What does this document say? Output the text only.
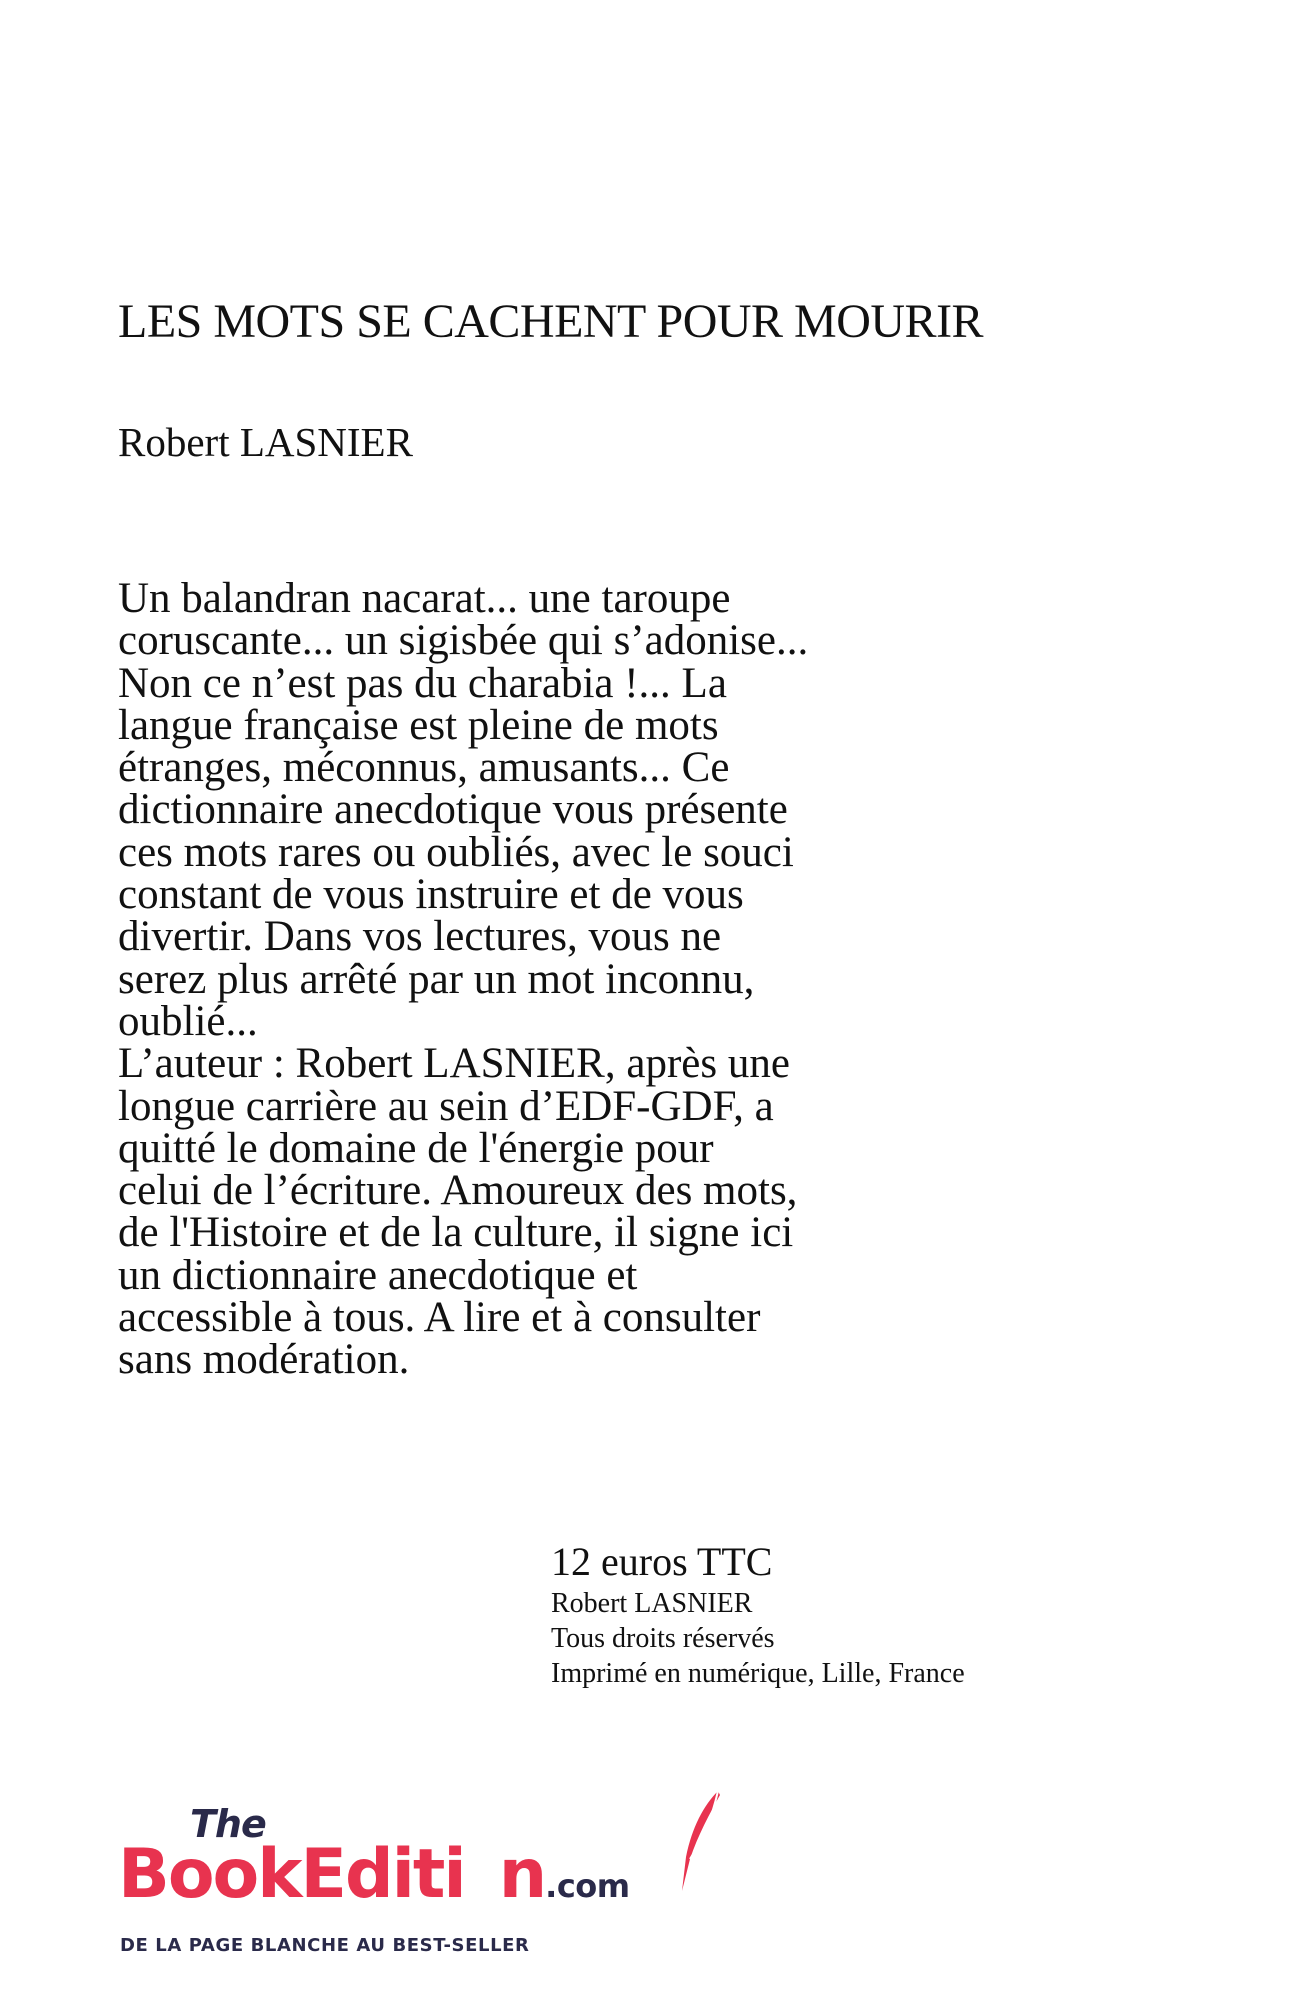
LES MOTS SE CACHENT POUR MOURIR
Robert LASNIER
Un balandran nacarat... une taroupe
coruscante... un sigisbée qui s’adonise...
Non ce n’est pas du charabia !... La
langue française est pleine de mots
étranges, méconnus, amusants... Ce
dictionnaire anecdotique vous présente
ces mots rares ou oubliés, avec le souci
constant de vous instruire et de vous
divertir. Dans vos lectures, vous ne
serez plus arrêté par un mot inconnu,
oublié...
L’auteur : Robert LASNIER, après une
longue carrière au sein d’EDF-GDF, a
quitté le domaine de l'énergie pour
celui de l’écriture. Amoureux des mots,
de l'Histoire et de la culture, il signe ici
un dictionnaire anecdotique et
accessible à tous. A lire et à consulter
sans modération.
12 euros TTC
Robert LASNIER
Tous droits réservés
Imprimé en numérique, Lille, France
The
BookEditi n.com
DE LA PAGE BLANCHE AU BEST-SELLER
